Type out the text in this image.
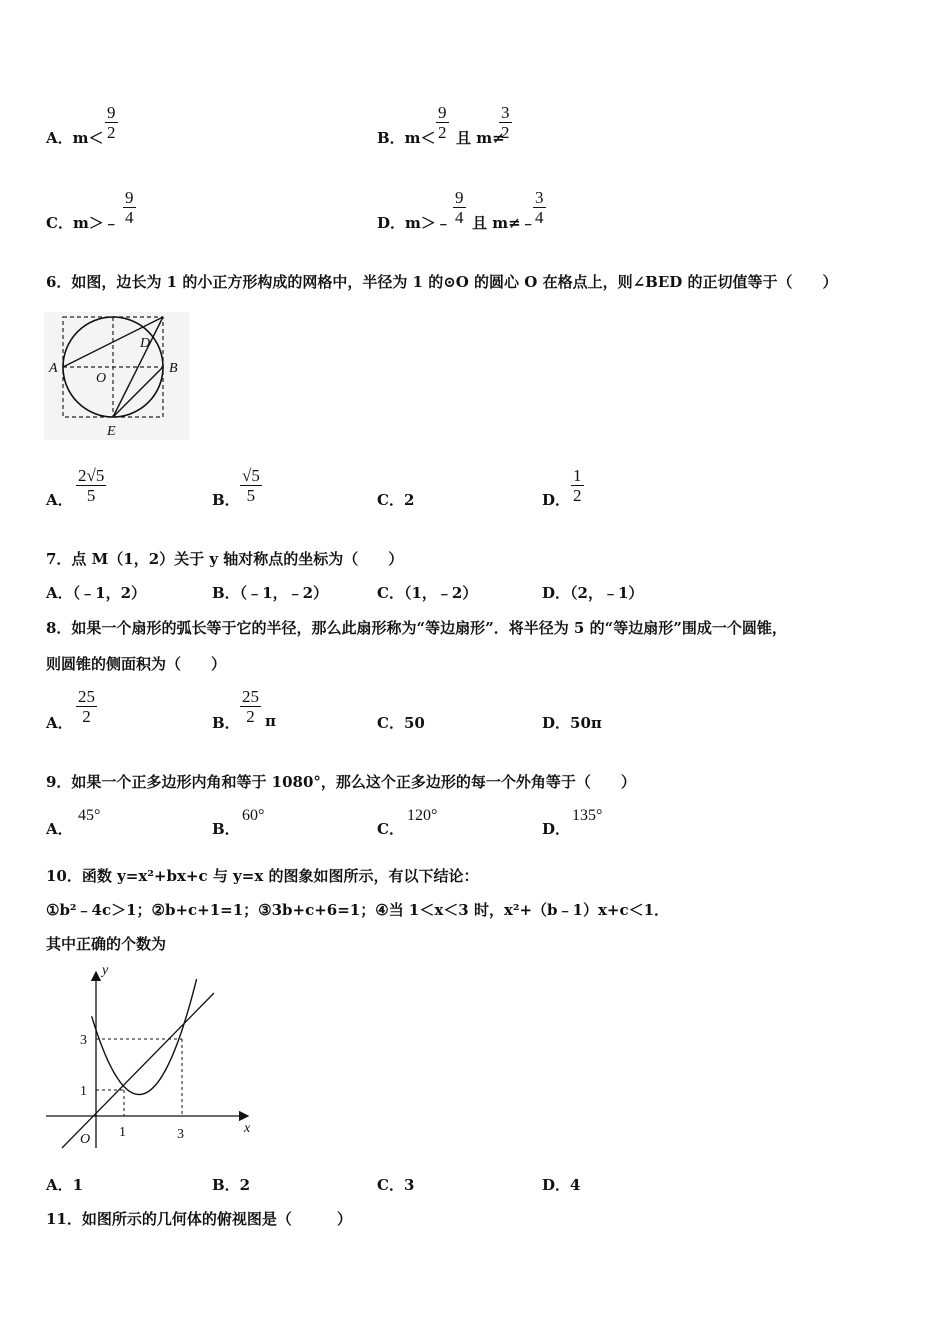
A．m＜
9
2	B．m＜
9
2 且 m≠
3
2
C．m＞﹣
9
4	D．m＞﹣
9
4 且 m≠﹣
3
4
6．如图，边长为 1 的小正方形构成的网格中，半径为 1 的⊙O 的圆心 O 在格点上，则∠BED 的正切值等于（　　）
A	B
D
O
E
A．
2√5
5	B．
√5
5	C．2	D．
1
2
7．点 M（1，2）关于 y 轴对称点的坐标为（　　）
A．（﹣1，2）	B．（﹣1，﹣2）	C．（1，﹣2）	D．（2，﹣1）
8．如果一个扇形的弧长等于它的半径，那么此扇形称为“等边扇形”．将半径为 5 的“等边扇形”围成一个圆锥，
则圆锥的侧面积为（　　）
A．
25
2	B．
25
2 π	C．50	D．50π
9．如果一个正多边形内角和等于 1080°，那么这个正多边形的每一个外角等于（　　）
A．
45°
B．
60°
C．
120°
D．
135°
10．函数 y=x²+bx+c 与 y=x 的图象如图所示，有以下结论：
①b²﹣4c＞1；②b+c+1=1；③3b+c+6=1；④当 1＜x＜3 时，x²+（b﹣1）x+c＜1．
其中正确的个数为
y
x
O 1	3
1
3
A．1	B．2	C．3	D．4
11．如图所示的几何体的俯视图是（　　　）
